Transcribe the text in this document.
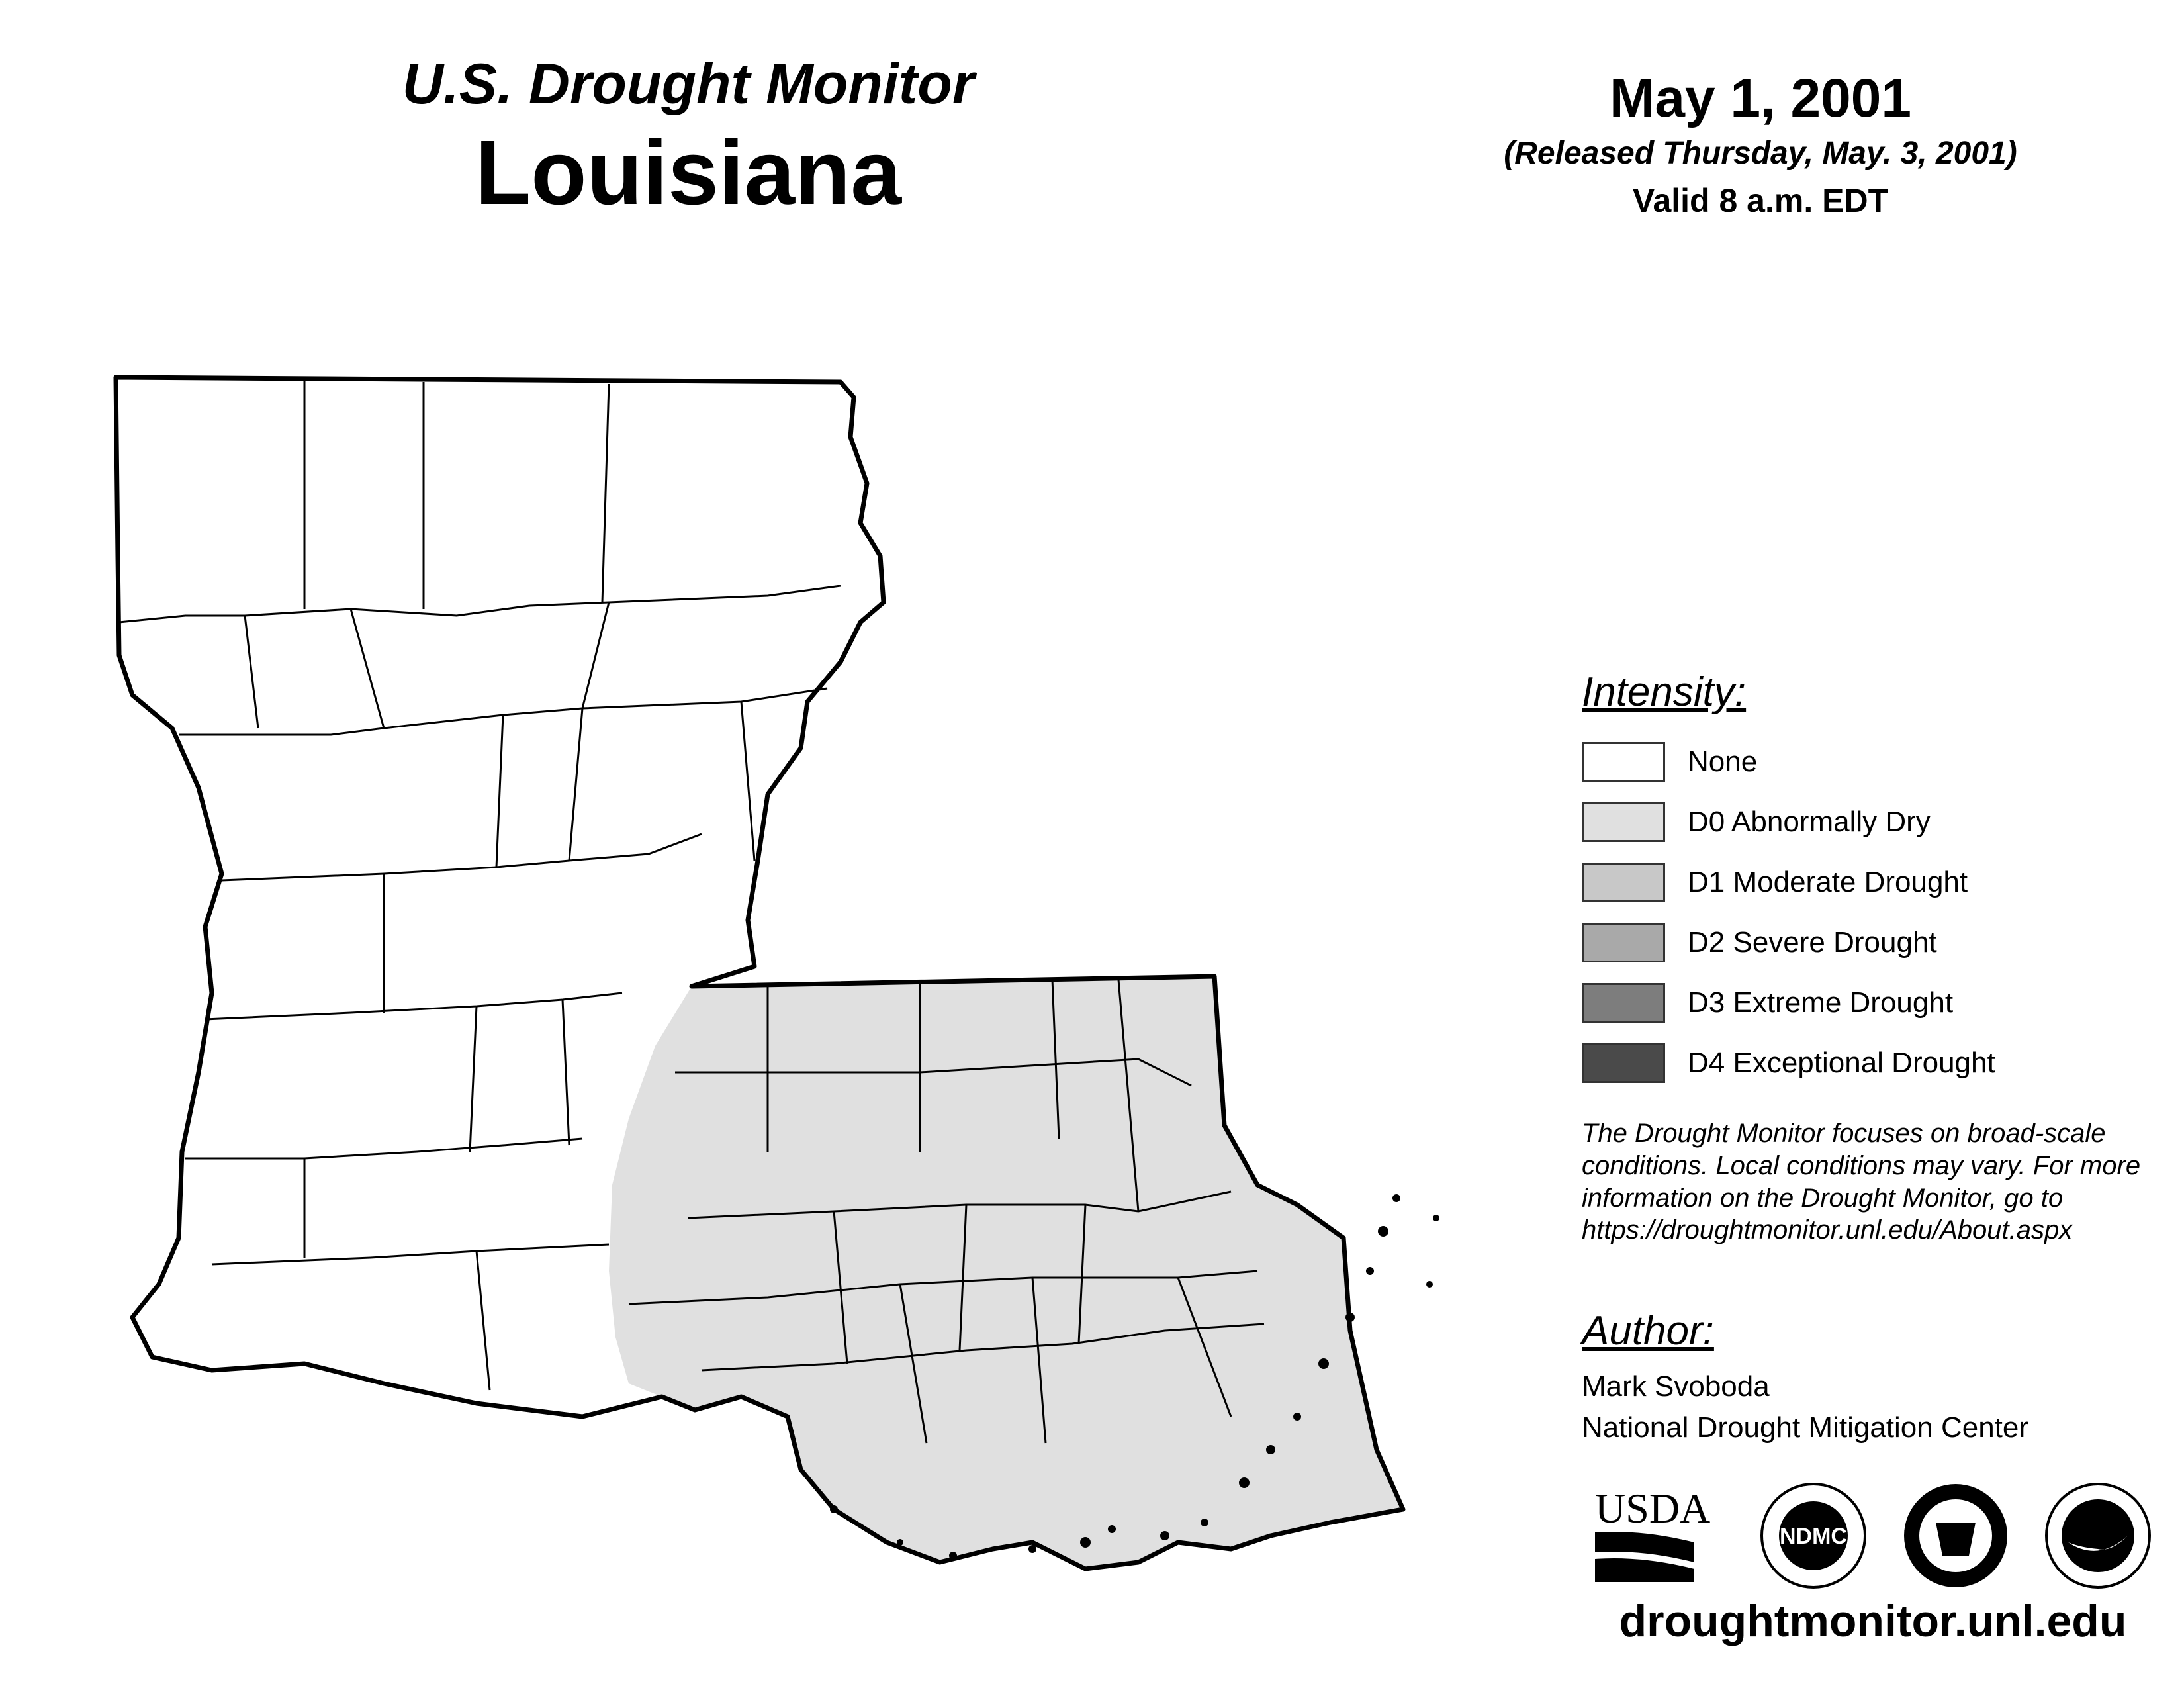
U.S. Drought Monitor
Louisiana
May 1, 2001
(Released Thursday, May. 3, 2001)
Valid 8 a.m. EDT
Intensity:
None
D0 Abnormally Dry
D1 Moderate Drought
D2 Severe Drought
D3 Extreme Drought
D4 Exceptional Drought
The Drought Monitor focuses on broad-scale conditions. Local conditions may vary. For more information on the Drought Monitor, go to https://droughtmonitor.unl.edu/About.aspx
Author:
Mark Svoboda
National Drought Mitigation Center
USDA
NDMC
droughtmonitor.unl.edu
